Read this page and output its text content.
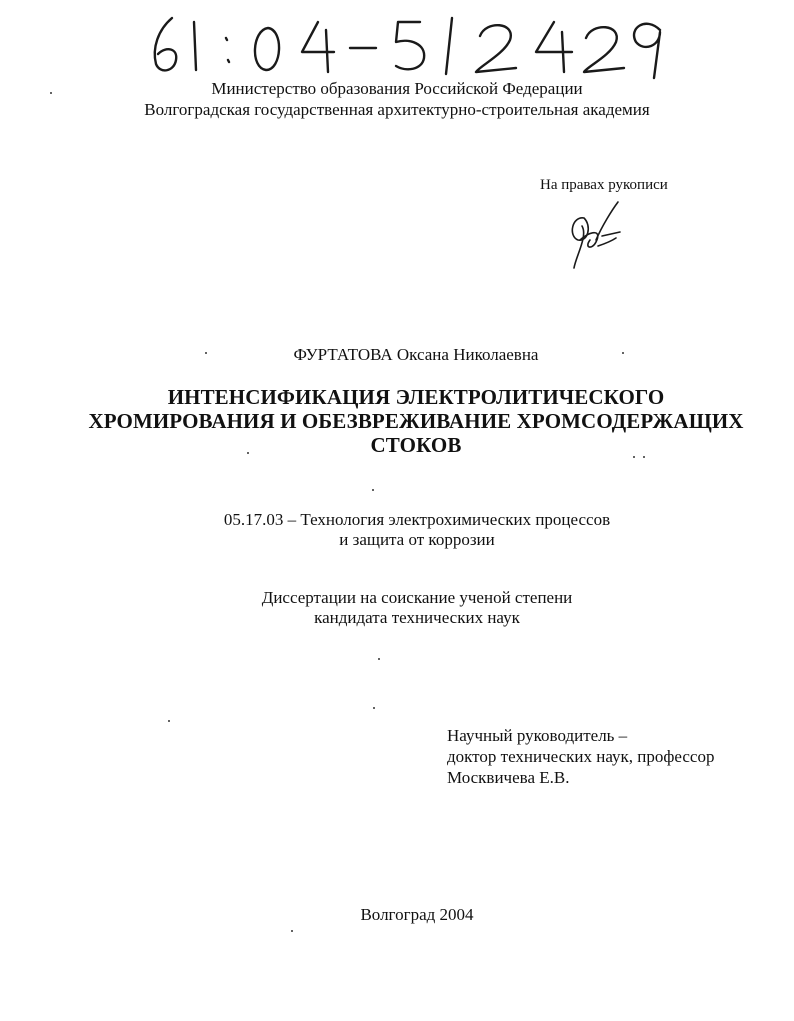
Министерство образования Российской Федерации
Волгоградская государственная архитектурно-строительная академия
На правах рукописи
ФУРТАТОВА Оксана Николаевна
ИНТЕНСИФИКАЦИЯ ЭЛЕКТРОЛИТИЧЕСКОГО
ХРОМИРОВАНИЯ И ОБЕЗВРЕЖИВАНИЕ ХРОМСОДЕРЖАЩИХ
СТОКОВ
05.17.03 – Технология электрохимических процессов
и защита от коррозии
Диссертации на соискание ученой степени
кандидата технических наук
Научный руководитель –
доктор технических наук, профессор
Москвичева Е.В.
Волгоград 2004
